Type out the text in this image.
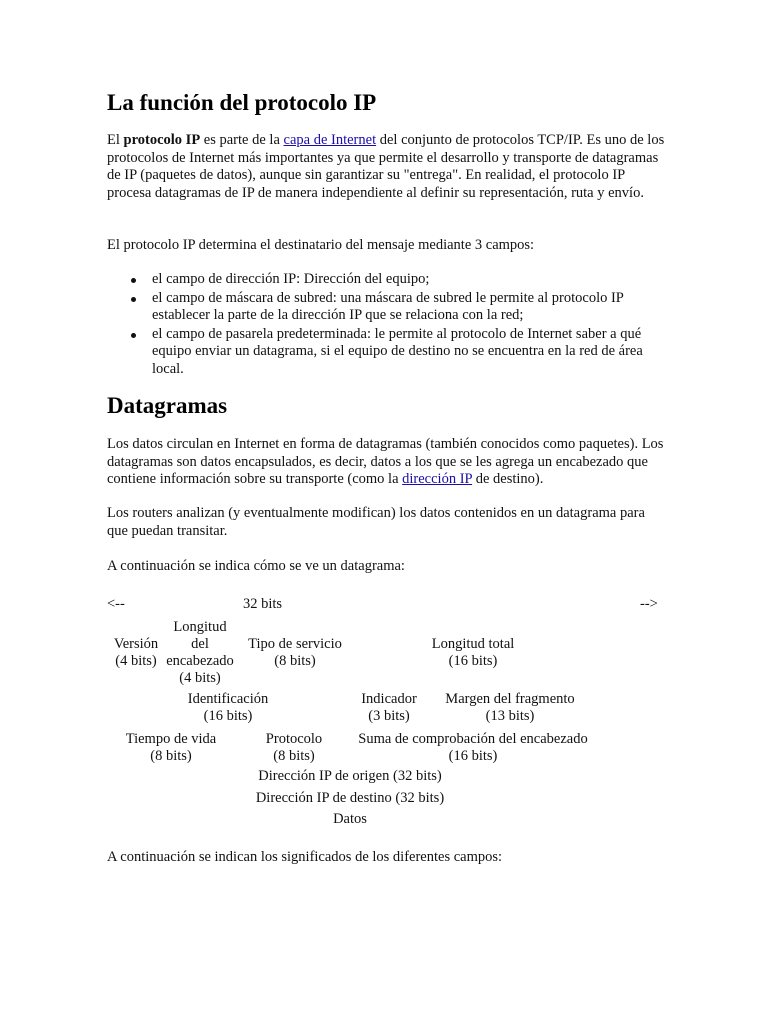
La función del protocolo IP

El protocolo IP es parte de la capa de Internet del conjunto de protocolos TCP/IP. Es uno de los protocolos de Internet más importantes ya que permite el desarrollo y transporte de datagramas de IP (paquetes de datos), aunque sin garantizar su "entrega". En realidad, el protocolo IP procesa datagramas de IP de manera independiente al definir su representación, ruta y envío.

El protocolo IP determina el destinatario del mensaje mediante 3 campos:

el campo de dirección IP: Dirección del equipo;
el campo de máscara de subred: una máscara de subred le permite al protocolo IP establecer la parte de la dirección IP que se relaciona con la red;
el campo de pasarela predeterminada: le permite al protocolo de Internet saber a qué equipo enviar un datagrama, si el equipo de destino no se encuentra en la red de área local.
Datagramas

Los datos circulan en Internet en forma de datagramas (también conocidos como paquetes). Los datagramas son datos encapsulados, es decir, datos a los que se les agrega un encabezado que contiene información sobre su transporte (como la dirección IP de destino).

Los routers analizan (y eventualmente modifican) los datos contenidos en un datagrama para que puedan transitar.

A continuación se indica cómo se ve un datagrama:

<--	32 bits	-->
Versión
(4 bits)
Longitud
del
encabezado
(4 bits)
Tipo de servicio
(8 bits)
Longitud total
(16 bits)
Identificación
(16 bits)
Indicador
(3 bits)
Margen del fragmento
(13 bits)
Tiempo de vida
(8 bits)
Protocolo
(8 bits)
Suma de comprobación del encabezado
(16 bits)
Dirección IP de origen (32 bits)
Dirección IP de destino (32 bits)
Datos

A continuación se indican los significados de los diferentes campos:
